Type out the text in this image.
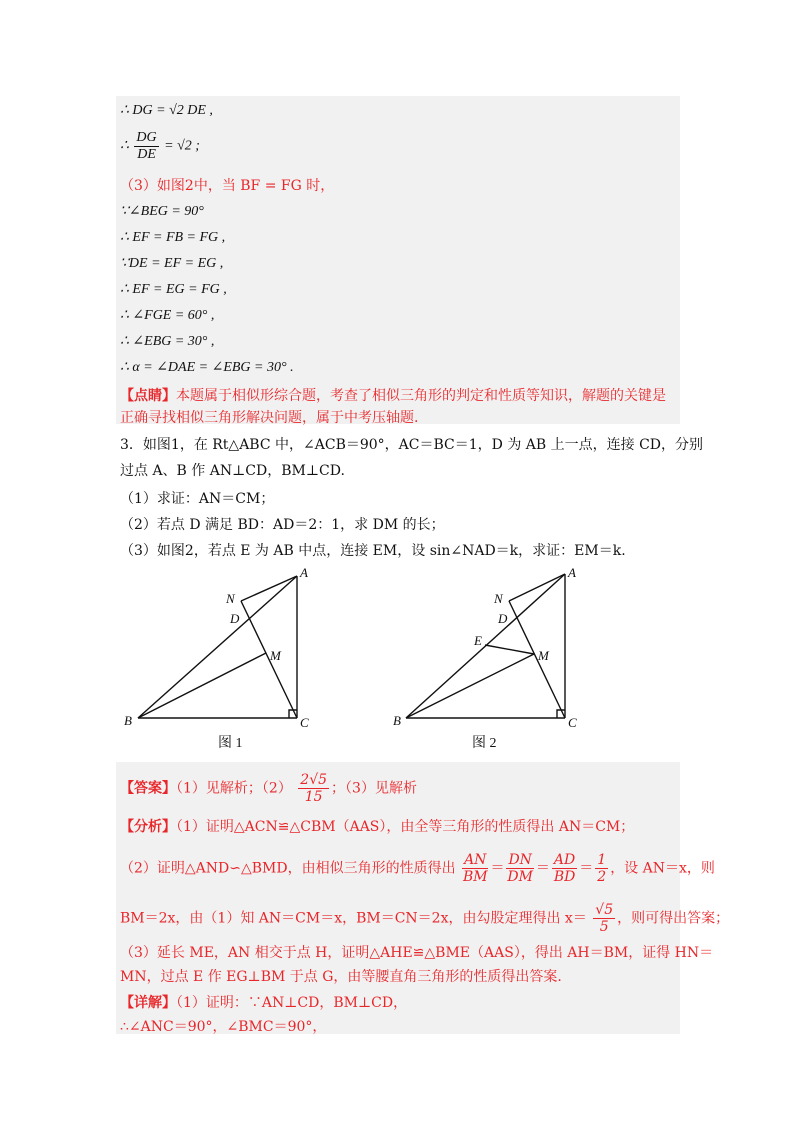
∴ DG = √2 DE ,
∴ $\frac{DG}{DE} = √2$ ;
（3）如图2中，当 BF = FG 时，
∵∠BEG = 90°
∴ EF = FB = FG ,
∵DE = EF = EG ,
∴ EF = EG = FG ,
∴ ∠FGE = 60° ,
∴ ∠EBG = 30° ,
∴ α = ∠DAE = ∠EBG = 30° .
【点睛】本题属于相似形综合题，考查了相似三角形的判定和性质等知识，解题的关键是
正确寻找相似三角形解决问题，属于中考压轴题.
3．如图1，在 Rt△ABC 中，∠ACB＝90°，AC＝BC＝1，D 为 AB 上一点，连接 CD，分别
过点 A、B 作 AN⊥CD，BM⊥CD.
（1）求证：AN＝CM；
（2）若点 D 满足 BD：AD＝2：1，求 DM 的长；
（3）如图2，若点 E 为 AB 中点，连接 EM，设 sin∠NAD＝k，求证：EM＝k.
A
B	C
N
D
M
图 1
A
B	C
N
D
E
M
图 2
【答案】（1）见解析；$(2) \frac{2√5}{15}$ ；（3）见解析
【分析】（1）证明△ACN≌△CBM（AAS），由全等三角形的性质得出 AN＝CM；
（2）证明△AND∽△BMD，由相似三角形的性质得出 $\frac{AN}{BM} = \frac{DN}{DM} = \frac{AD}{BD} = \frac{1}{2}$ ，设 AN＝x，则
BM＝2x，由（1）知 AN＝CM＝x，BM＝CN＝2x，由勾股定理得出 $x= \frac{√5}{5}$ ，则可得出答案；
（3）延长 ME，AN 相交于点 H，证明△AHE≌△BME（AAS），得出 AH＝BM，证得 HN＝
MN，过点 E 作 EG⊥BM 于点 G，由等腰直角三角形的性质得出答案.
【详解】（1）证明：∵AN⊥CD，BM⊥CD，
∴∠ANC＝90°，∠BMC＝90°，
